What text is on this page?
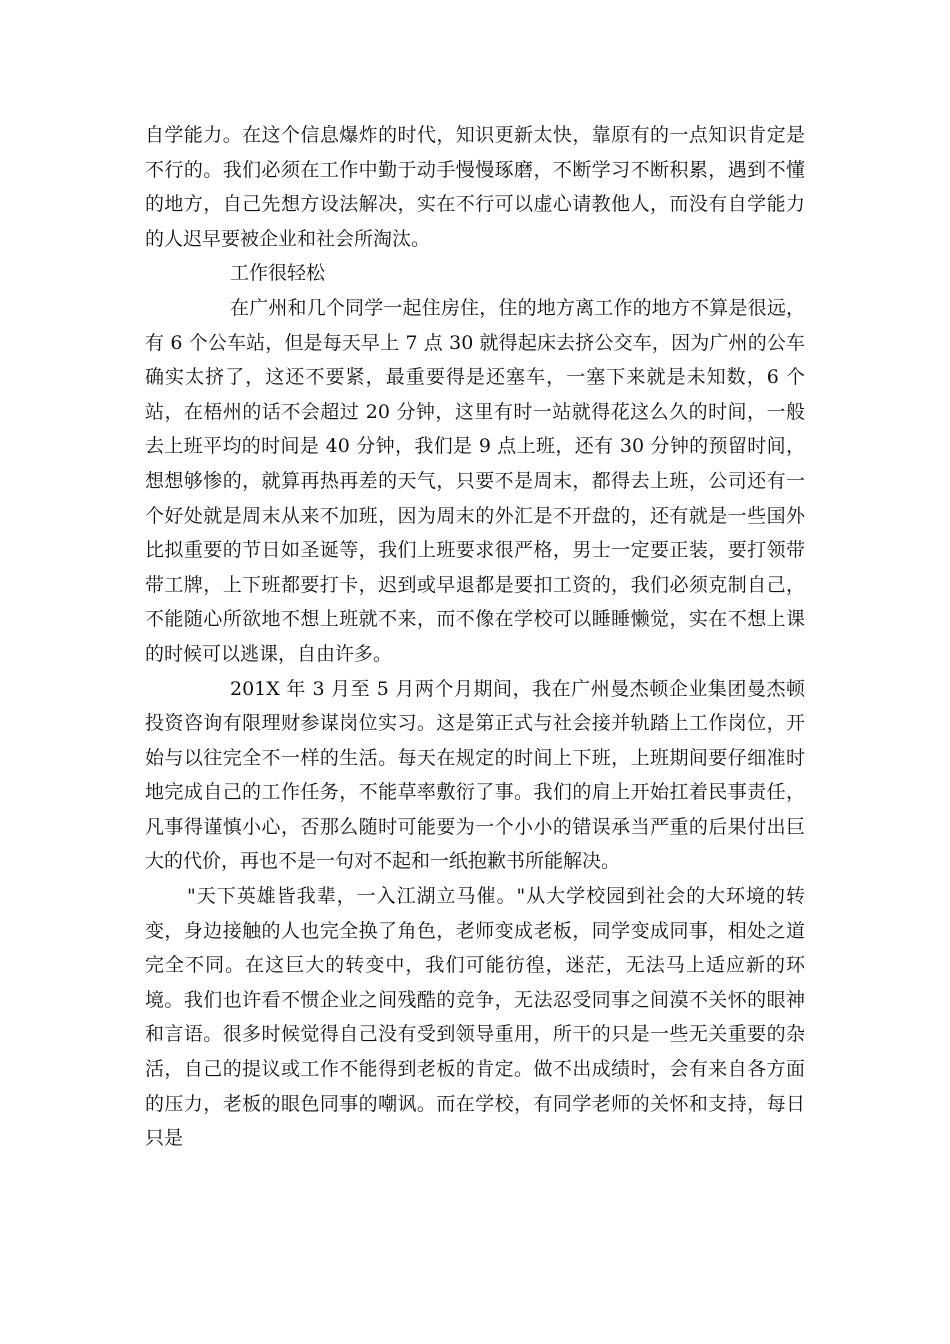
自学能力。在这个信息爆炸的时代，知识更新太快，靠原有的一点知识肯定是不行的。我们必须在工作中勤于动手慢慢琢磨，不断学习不断积累，遇到不懂的地方，自己先想方设法解决，实在不行可以虚心请教他人，而没有自学能力的人迟早要被企业和社会所淘汰。

工作很轻松

在广州和几个同学一起住房住，住的地方离工作的地方不算是很远，有 6 个公车站，但是每天早上 7 点 30 就得起床去挤公交车，因为广州的公车确实太挤了，这还不要紧，最重要得是还塞车，一塞下来就是未知数，6 个站，在梧州的话不会超过 20 分钟，这里有时一站就得花这么久的时间，一般去上班平均的时间是 40 分钟，我们是 9 点上班，还有 30 分钟的预留时间，想想够惨的，就算再热再差的天气，只要不是周末，都得去上班，公司还有一个好处就是周末从来不加班，因为周末的外汇是不开盘的，还有就是一些国外比拟重要的节日如圣诞等，我们上班要求很严格，男士一定要正装，要打领带带工牌，上下班都要打卡，迟到或早退都是要扣工资的，我们必须克制自己，不能随心所欲地不想上班就不来，而不像在学校可以睡睡懒觉，实在不想上课的时候可以逃课，自由许多。

201X 年 3 月至 5 月两个月期间，我在广州曼杰顿企业集团曼杰顿投资咨询有限理财参谋岗位实习。这是第正式与社会接并轨踏上工作岗位，开始与以往完全不一样的生活。每天在规定的时间上下班，上班期间要仔细准时地完成自己的工作任务，不能草率敷衍了事。我们的肩上开始扛着民事责任，凡事得谨慎小心，否那么随时可能要为一个小小的错误承当严重的后果付出巨大的代价，再也不是一句对不起和一纸抱歉书所能解决。

"天下英雄皆我辈，一入江湖立马催。"从大学校园到社会的大环境的转变，身边接触的人也完全换了角色，老师变成老板，同学变成同事，相处之道完全不同。在这巨大的转变中，我们可能彷徨，迷茫，无法马上适应新的环境。我们也许看不惯企业之间残酷的竞争，无法忍受同事之间漠不关怀的眼神和言语。很多时候觉得自己没有受到领导重用，所干的只是一些无关重要的杂活，自己的提议或工作不能得到老板的肯定。做不出成绩时，会有来自各方面的压力，老板的眼色同事的嘲讽。而在学校，有同学老师的关怀和支持，每日只是
